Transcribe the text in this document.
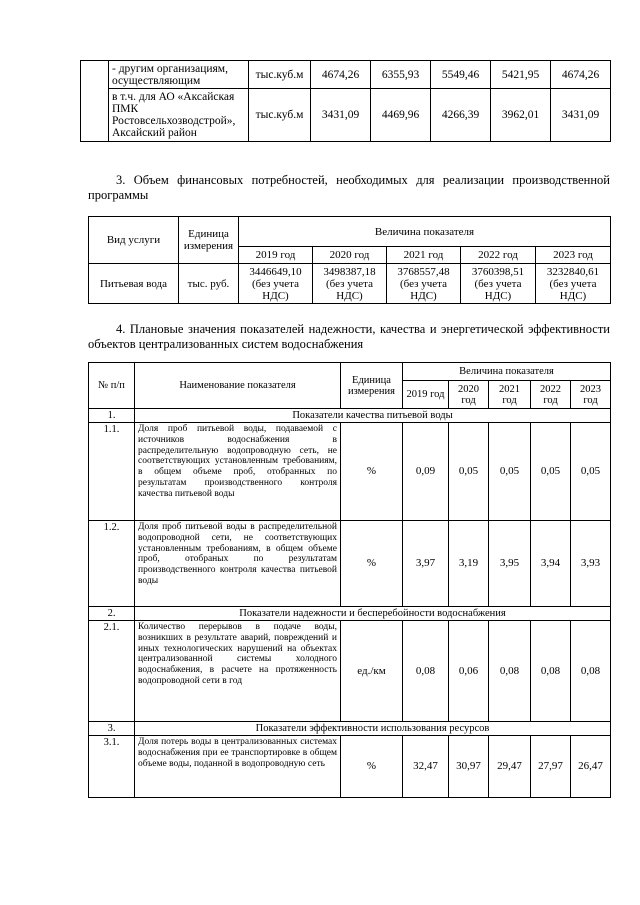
	- другим организациям, осуществляющим	тыс.куб.м	4674,26	6355,93	5549,46	5421,95	4674,26
	в т.ч. для АО «Аксайская ПМК Ростовсельхозводстрой», Аксайский район	тыс.куб.м	3431,09	4469,96	4266,39	3962,01	3431,09

3. Объем финансовых потребностей, необходимых для реализации производственной программы

Вид услуги	Единица измерения	Величина показателя				
		2019 год	2020 год	2021 год	2022 год	2023 год
Питьевая вода	тыс. руб.	3446649,10 (без учета НДС)	3498387,18 (без учета НДС)	3768557,48 (без учета НДС)	3760398,51 (без учета НДС)	3232840,61 (без учета НДС)

4. Плановые значения показателей надежности, качества и энергетической эффективности объектов централизованных систем водоснабжения

№ п/п	Наименование показателя	Единица измерения	Величина показателя				
			2019 год	2020 год	2021 год	2022 год	2023 год
1.	Показатели качества питьевой воды						
1.1.	Доля проб питьевой воды, подаваемой с источников водоснабжения в распределительную водопроводную сеть, не соответствующих установленным требованиям, в общем объеме проб, отобранных по результатам производственного контроля качества питьевой воды	%	0,09	0,05	0,05	0,05	0,05
1.2.	Доля проб питьевой воды в распределительной водопроводной сети, не соответствующих установленным требованиям, в общем объеме проб, отобраных по результатам производственного контроля качества питьевой воды	%	3,97	3,19	3,95	3,94	3,93
2.	Показатели надежности и бесперебойности водоснабжения						
2.1.	Количество перерывов в подаче воды, возникших в результате аварий, повреждений и иных технологических нарушений на объектах централизованной системы холодного водоснабжения, в расчете на протяженность водопроводной сети в год	ед./км	0,08	0,06	0,08	0,08	0,08
3.	Показатели эффективности использования ресурсов						
3.1.	Доля потерь воды в централизованных системах водоснабжения при ее транспортировке в общем объеме воды, поданной в водопроводную сеть	%	32,47	30,97	29,47	27,97	26,47
